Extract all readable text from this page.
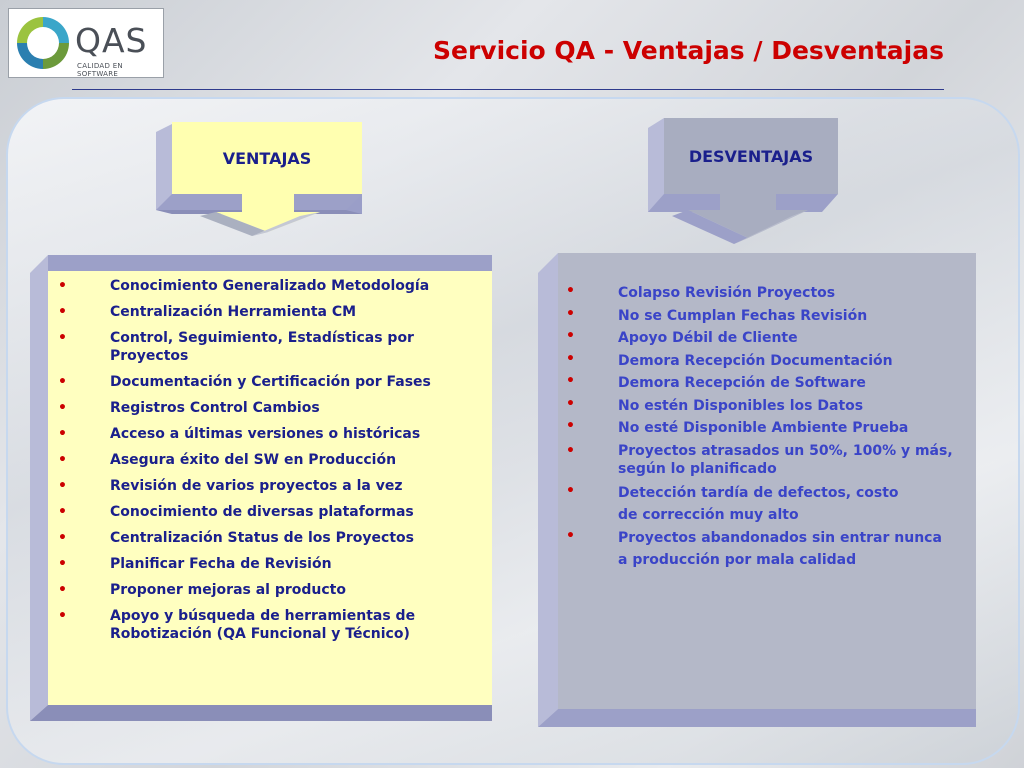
QAS
CALIDAD EN SOFTWARE
Servicio QA - Ventajas / Desventajas
VENTAJAS	DESVENTAJAS
•	Conocimiento Generalizado Metodología
•	Centralización Herramienta CM
•	Control, Seguimiento, Estadísticas por Proyectos
•	Documentación y Certificación por Fases
•	Registros Control Cambios
•	Acceso a últimas versiones o históricas
•	Asegura éxito del SW en Producción
•	Revisión de varios proyectos a la vez
•	Conocimiento de diversas plataformas
•	Centralización Status de los Proyectos
•	Planificar Fecha de Revisión
•	Proponer mejoras al producto
•	Apoyo y búsqueda de herramientas de Robotización (QA Funcional y Técnico)
•	Colapso Revisión Proyectos
•	No se Cumplan Fechas Revisión
•	Apoyo Débil de Cliente
•	Demora Recepción Documentación
•	Demora Recepción de Software
•	No estén Disponibles los Datos
•	No esté Disponible Ambiente Prueba
•	Proyectos atrasados un 50%, 100% y más, según lo planificado
•	Detección tardía de defectos, costo de corrección muy alto
•	Proyectos abandonados sin entrar nunca a producción por mala calidad
